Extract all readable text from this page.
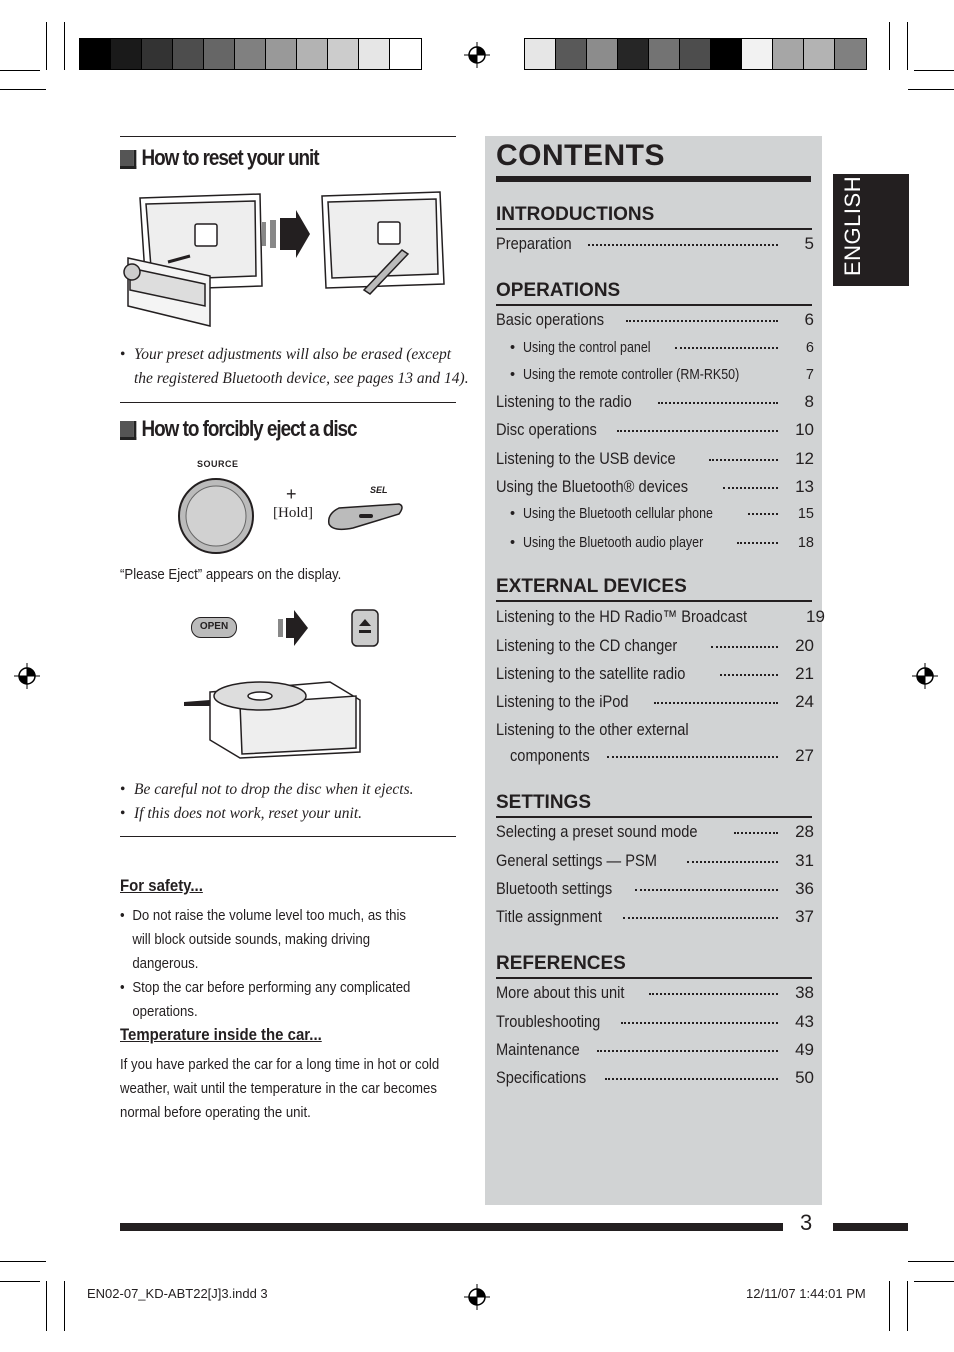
How to reset your unit
• Your preset adjustments will also be erased (except the registered Bluetooth device, see pages 13 and 14).
How to forcibly eject a disc
SOURCE
+
[Hold]
SEL
“Please Eject” appears on the display.
OPEN
• Be careful not to drop the disc when it ejects.
• If this does not work, reset your unit.
For safety...
• Do not raise the volume level too much, as this will block outside sounds, making driving dangerous.
• Stop the car before performing any complicated operations.
Temperature inside the car...
If you have parked the car for a long time in hot or cold weather, wait until the temperature in the car becomes normal before operating the unit.
CONTENTS
INTRODUCTIONS
Preparation	5
OPERATIONS
Basic operations	6
• Using the control panel	6
• Using the remote controller (RM-RK50)	7
Listening to the radio	8
Disc operations	10
Listening to the USB device	12
Using the Bluetooth® devices	13
• Using the Bluetooth cellular phone	15
• Using the Bluetooth audio player	18
EXTERNAL DEVICES
Listening to the HD Radio™ Broadcast	19
Listening to the CD changer	20
Listening to the satellite radio	21
Listening to the iPod	24
Listening to the other external
components	27
SETTINGS
Selecting a preset sound mode	28
General settings — PSM	31
Bluetooth settings	36
Title assignment	37
REFERENCES
More about this unit	38
Troubleshooting	43
Maintenance	49
Specifications	50
ENGLISH
3
EN02-07_KD-ABT22[J]3.indd 3	12/11/07 1:44:01 PM
